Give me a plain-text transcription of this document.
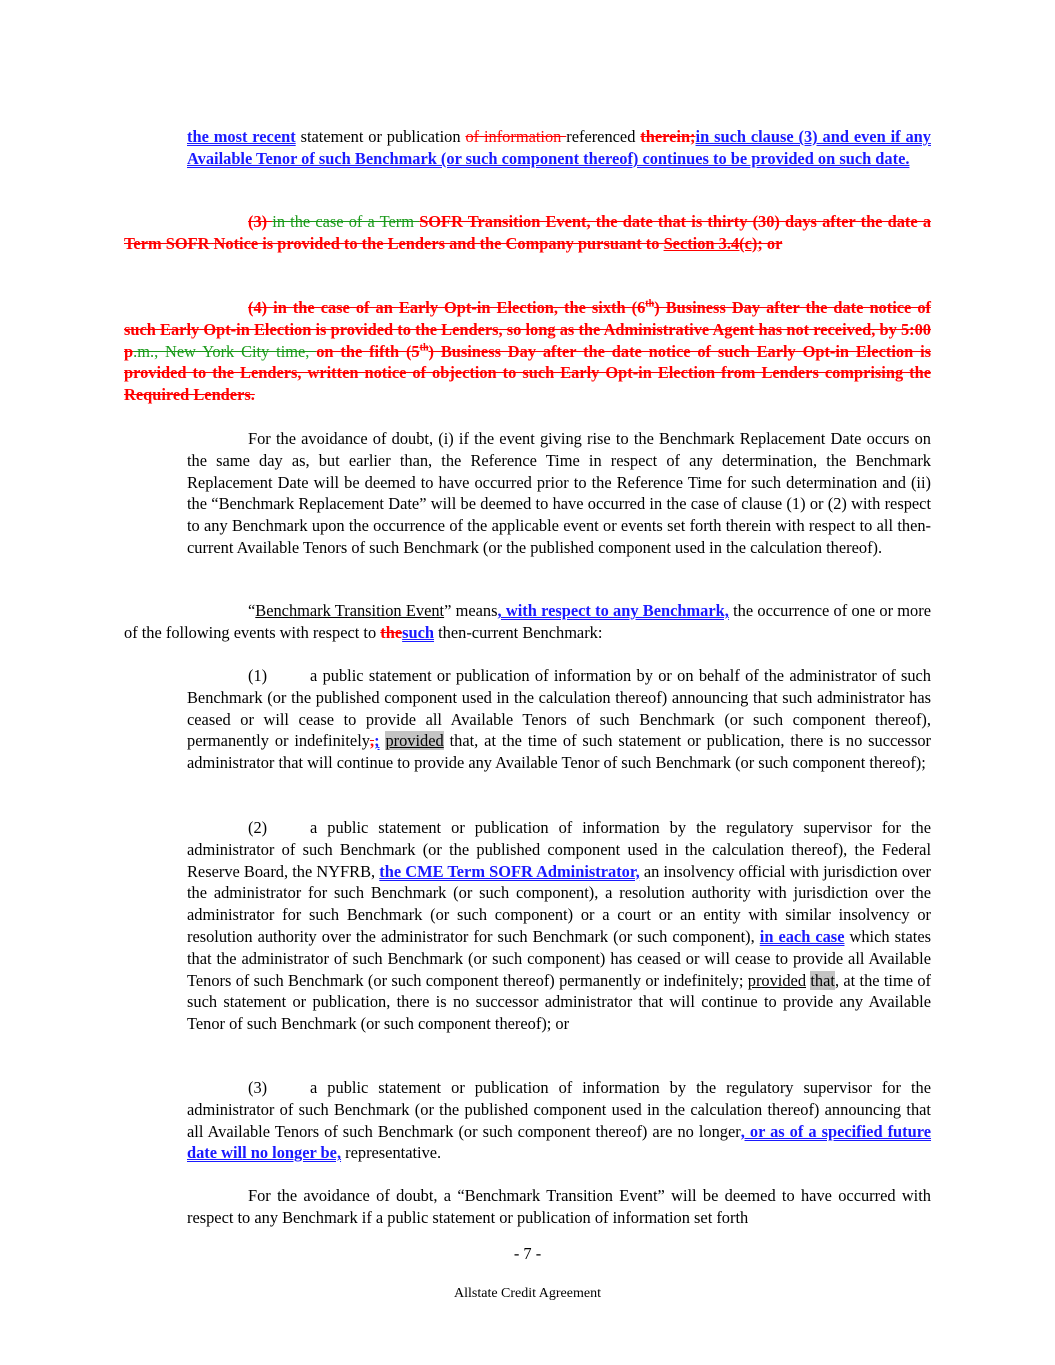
the most recent statement or publication of information referenced therein;in such clause (3) and even if any Available Tenor of such Benchmark (or such component thereof) continues to be provided on such date.

(3) in the case of a Term SOFR Transition Event, the date that is thirty (30) days after the date a Term SOFR Notice is provided to the Lenders and the Company pursuant to Section 3.4(c); or

(4) in the case of an Early Opt-in Election, the sixth (6th) Business Day after the date notice of such Early Opt-in Election is provided to the Lenders, so long as the Administrative Agent has not received, by 5:00 p.m., New York City time, on the fifth (5th) Business Day after the date notice of such Early Opt-in Election is provided to the Lenders, written notice of objection to such Early Opt-in Election from Lenders comprising the Required Lenders.

For the avoidance of doubt, (i) if the event giving rise to the Benchmark Replacement Date occurs on the same day as, but earlier than, the Reference Time in respect of any determination, the Benchmark Replacement Date will be deemed to have occurred prior to the Reference Time for such determination and (ii) the “Benchmark Replacement Date” will be deemed to have occurred in the case of clause (1) or (2) with respect to any Benchmark upon the occurrence of the applicable event or events set forth therein with respect to all then-current Available Tenors of such Benchmark (or the published component used in the calculation thereof).

“Benchmark Transition Event” means, with respect to any Benchmark, the occurrence of one or more of the following events with respect to thesuch then-current Benchmark:

(1)	a public statement or publication of information by or on behalf of the administrator of such Benchmark (or the published component used in the calculation thereof) announcing that such administrator has ceased or will cease to provide all Available Tenors of such Benchmark (or such component thereof), permanently or indefinitely,; provided that, at the time of such statement or publication, there is no successor administrator that will continue to provide any Available Tenor of such Benchmark (or such component thereof);

(2)	a public statement or publication of information by the regulatory supervisor for the administrator of such Benchmark (or the published component used in the calculation thereof), the Federal Reserve Board, the NYFRB, the CME Term SOFR Administrator, an insolvency official with jurisdiction over the administrator for such Benchmark (or such component), a resolution authority with jurisdiction over the administrator for such Benchmark (or such component) or a court or an entity with similar insolvency or resolution authority over the administrator for such Benchmark (or such component), in each case which states that the administrator of such Benchmark (or such component) has ceased or will cease to provide all Available Tenors of such Benchmark (or such component thereof) permanently or indefinitely; provided that, at the time of such statement or publication, there is no successor administrator that will continue to provide any Available Tenor of such Benchmark (or such component thereof); or

(3)	a public statement or publication of information by the regulatory supervisor for the administrator of such Benchmark (or the published component used in the calculation thereof) announcing that all Available Tenors of such Benchmark (or such component thereof) are no longer, or as of a specified future date will no longer be, representative.

For the avoidance of doubt, a “Benchmark Transition Event” will be deemed to have occurred with respect to any Benchmark if a public statement or publication of information set forth

- 7 -
Allstate Credit Agreement
